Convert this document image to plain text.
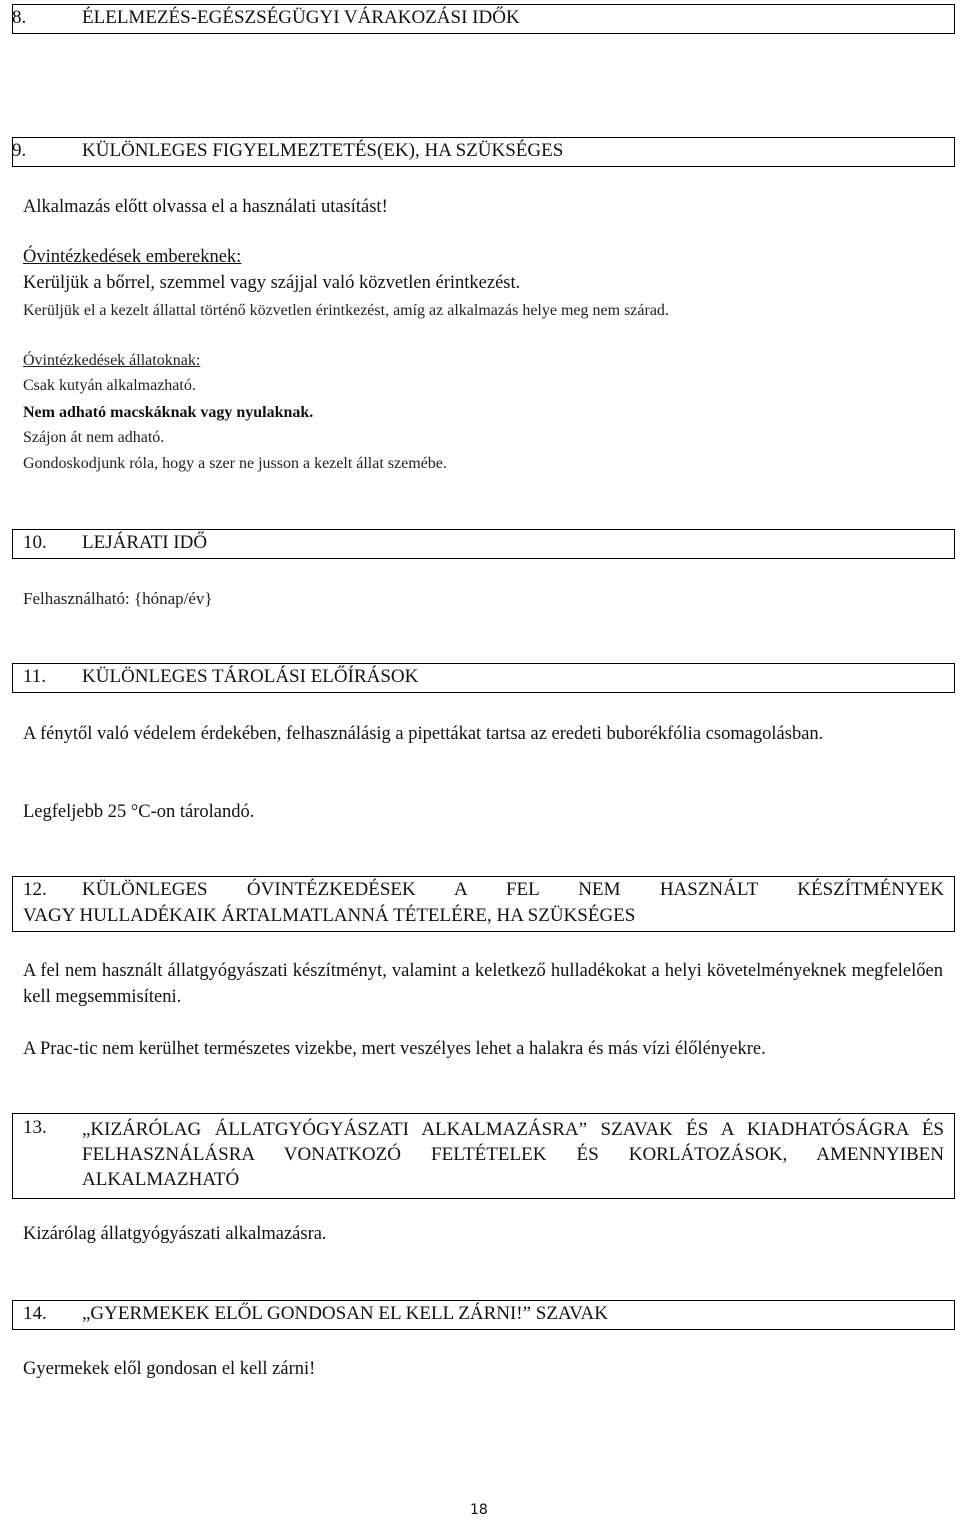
8.	ÉLELMEZÉS-EGÉSZSÉGÜGYI VÁRAKOZÁSI IDŐK
9.	KÜLÖNLEGES FIGYELMEZTETÉS(EK), HA SZÜKSÉGES
Alkalmazás előtt olvassa el a használati utasítást!
Óvintézkedések embereknek:
Kerüljük a bőrrel, szemmel vagy szájjal való közvetlen érintkezést.
Kerüljük el a kezelt állattal történő közvetlen érintkezést, amíg az alkalmazás helye meg nem szárad.
Óvintézkedések állatoknak:
Csak kutyán alkalmazható.
Nem adható macskáknak vagy nyulaknak.
Szájon át nem adható.
Gondoskodjunk róla, hogy a szer ne jusson a kezelt állat szemébe.
10. LEJÁRATI IDŐ
Felhasználható: {hónap/év}
11. KÜLÖNLEGES TÁROLÁSI ELŐÍRÁSOK
A fénytől való védelem érdekében, felhasználásig a pipettákat tartsa az eredeti buborékfólia csomagolásban.
Legfeljebb 25 °C-on tárolandó.
12. KÜLÖNLEGES ÓVINTÉZKEDÉSEK A FEL NEM HASZNÁLT KÉSZÍTMÉNYEK
VAGY HULLADÉKAIK ÁRTALMATLANNÁ TÉTELÉRE, HA SZÜKSÉGES
A fel nem használt állatgyógyászati készítményt, valamint a keletkező hulladékokat a helyi követelményeknek megfelelően kell megsemmisíteni.
A Prac-tic nem kerülhet természetes vizekbe, mert veszélyes lehet a halakra és más vízi élőlényekre.
13. „KIZÁRÓLAG ÁLLATGYÓGYÁSZATI ALKALMAZÁSRA” SZAVAK ÉS A KIADHATÓSÁGRA ÉS FELHASZNÁLÁSRA VONATKOZÓ FELTÉTELEK ÉS KORLÁTOZÁSOK, AMENNYIBEN ALKALMAZHATÓ
Kizárólag állatgyógyászati alkalmazásra.
14. „GYERMEKEK ELŐL GONDOSAN EL KELL ZÁRNI!” SZAVAK
Gyermekek elől gondosan el kell zárni!
18
